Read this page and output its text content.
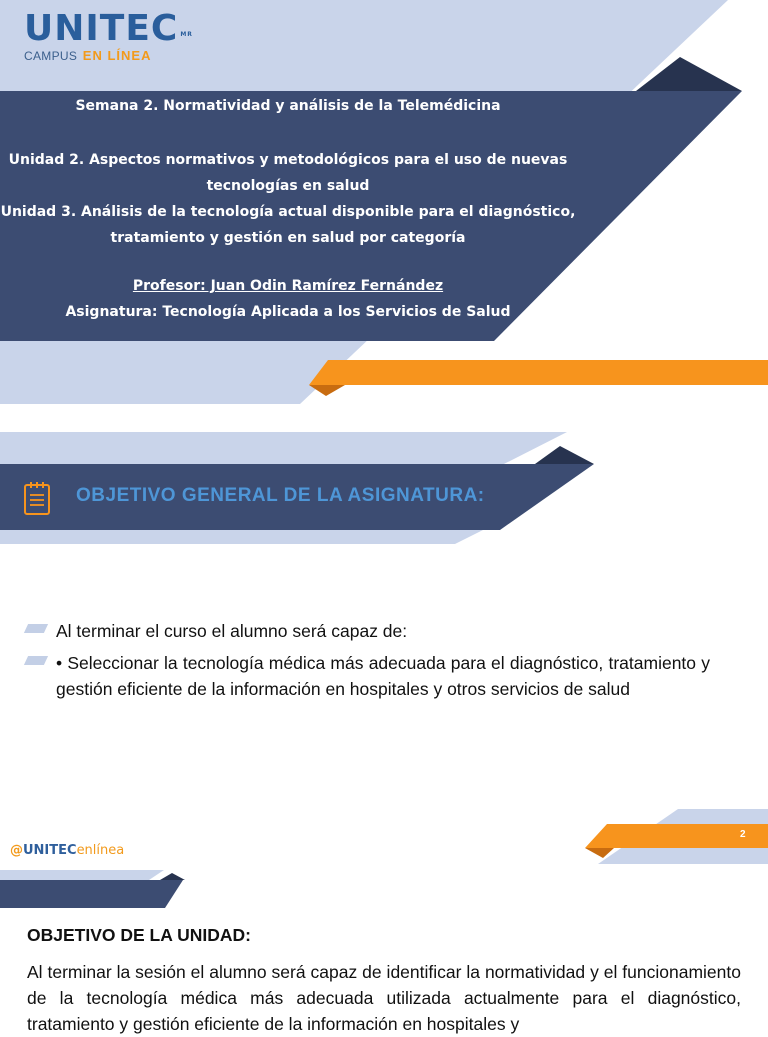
UNITEC $^{MR}$
CAMPUS EN LÍNEA
Semana 2. Normatividad y análisis de la Telemédicina
Unidad 2. Aspectos normativos y metodológicos para el uso de nuevas
tecnologías en salud
Unidad 3. Análisis de la tecnología actual disponible para el diagnóstico,
tratamiento y gestión en salud por categoría
Profesor: Juan Odin Ramírez Fernández
Asignatura: Tecnología Aplicada a los Servicios de Salud
OBJETIVO GENERAL DE LA ASIGNATURA:
Al terminar el curso el alumno será capaz de:
• Seleccionar la tecnología médica más adecuada para el diagnóstico, tratamiento y gestión eficiente de la información en hospitales y otros servicios de salud
2
@UNITECenlínea
OBJETIVO DE LA UNIDAD:
Al terminar la sesión el alumno será capaz de identificar la normatividad y el funcionamiento de la tecnología médica más adecuada utilizada actualmente para el diagnóstico, tratamiento y gestión eficiente de la información en hospitales y
